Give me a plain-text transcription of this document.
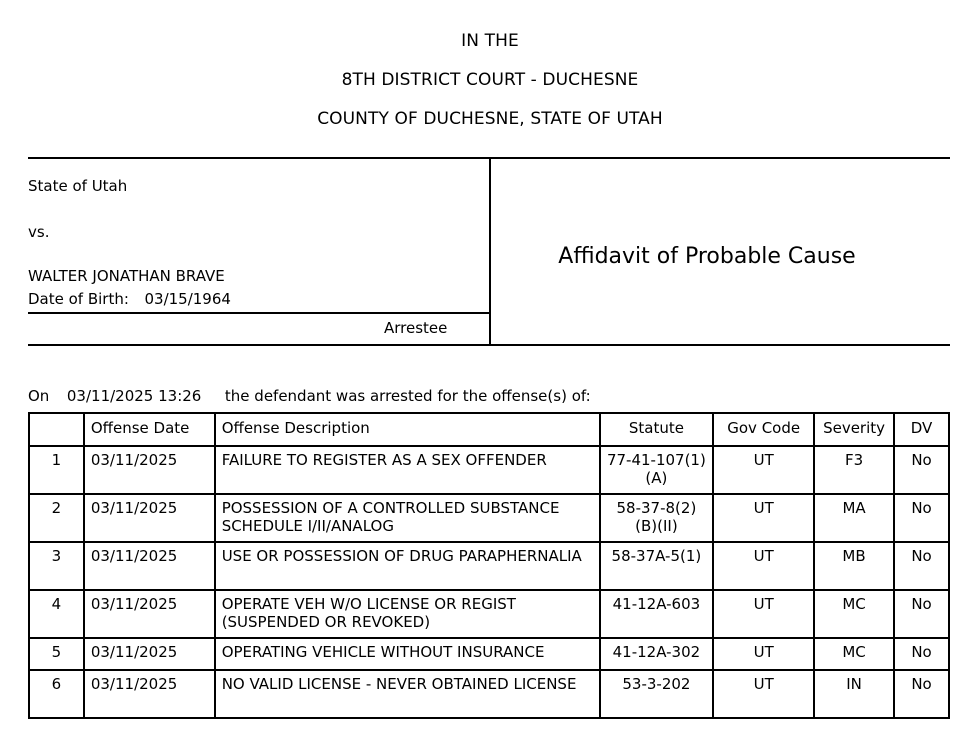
IN THE
8TH DISTRICT COURT - DUCHESNE
COUNTY OF DUCHESNE, STATE OF UTAH
State of Utah
vs.
WALTER JONATHAN BRAVE
Date of Birth: 03/15/1964
Arrestee
Affidavit of Probable Cause
On 03/11/2025 13:26 the defendant was arrested for the offense(s) of:
	Offense Date	Offense Description	Statute	Gov Code	Severity	DV
1	03/11/2025	FAILURE TO REGISTER AS A SEX OFFENDER	77-41-107(1)(A)	UT	F3	No
2	03/11/2025	POSSESSION OF A CONTROLLED SUBSTANCE SCHEDULE I/II/ANALOG	58-37-8(2)(B)(II)	UT	MA	No
3	03/11/2025	USE OR POSSESSION OF DRUG PARAPHERNALIA	58-37A-5(1)	UT	MB	No
4	03/11/2025	OPERATE VEH W/O LICENSE OR REGIST (SUSPENDED OR REVOKED)	41-12A-603	UT	MC	No
5	03/11/2025	OPERATING VEHICLE WITHOUT INSURANCE	41-12A-302	UT	MC	No
6	03/11/2025	NO VALID LICENSE - NEVER OBTAINED LICENSE	53-3-202	UT	IN	No
